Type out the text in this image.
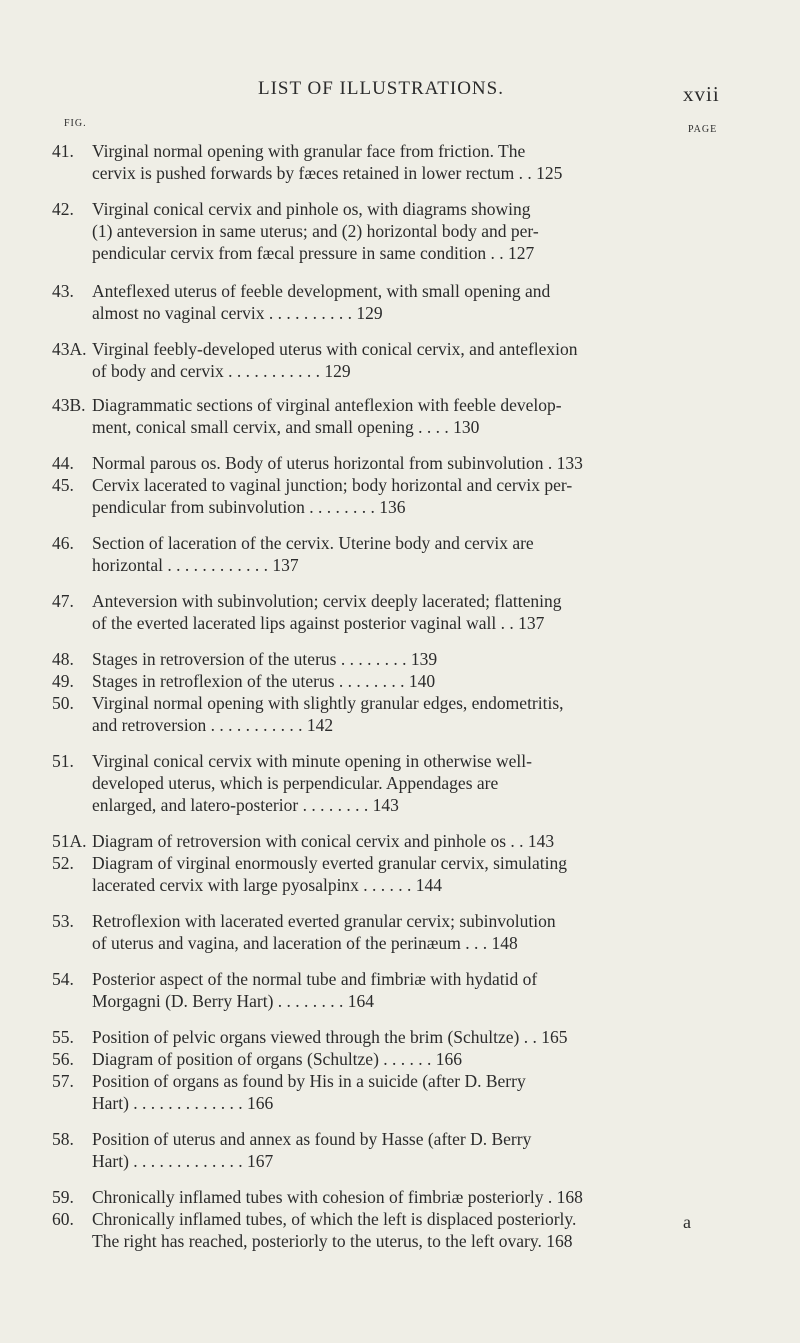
LIST OF ILLUSTRATIONS.	xvii
FIG.
PAGE
41. Virginal normal opening with granular face from friction. The
cervix is pushed forwards by fæces retained in lower rectum . . 125
42. Virginal conical cervix and pinhole os, with diagrams showing
(1) anteversion in same uterus; and (2) horizontal body and per-
pendicular cervix from fæcal pressure in same condition . . 127
43. Anteflexed uterus of feeble development, with small opening and
almost no vaginal cervix . . . . . . . . . . 129
43A. Virginal feebly-developed uterus with conical cervix, and anteflexion
of body and cervix . . . . . . . . . . . 129
43B. Diagrammatic sections of virginal anteflexion with feeble develop-
ment, conical small cervix, and small opening . . . . 130
44. Normal parous os. Body of uterus horizontal from subinvolution . 133
45. Cervix lacerated to vaginal junction; body horizontal and cervix per-
pendicular from subinvolution . . . . . . . . 136
46. Section of laceration of the cervix. Uterine body and cervix are
horizontal . . . . . . . . . . . . 137
47. Anteversion with subinvolution; cervix deeply lacerated; flattening
of the everted lacerated lips against posterior vaginal wall . . 137
48. Stages in retroversion of the uterus . . . . . . . . 139
49. Stages in retroflexion of the uterus . . . . . . . . 140
50. Virginal normal opening with slightly granular edges, endometritis,
and retroversion . . . . . . . . . . . 142
51. Virginal conical cervix with minute opening in otherwise well-
developed uterus, which is perpendicular. Appendages are
enlarged, and latero-posterior . . . . . . . . 143
51A. Diagram of retroversion with conical cervix and pinhole os . . 143
52. Diagram of virginal enormously everted granular cervix, simulating
lacerated cervix with large pyosalpinx . . . . . . 144
53. Retroflexion with lacerated everted granular cervix; subinvolution
of uterus and vagina, and laceration of the perinæum . . . 148
54. Posterior aspect of the normal tube and fimbriæ with hydatid of
Morgagni (D. Berry Hart) . . . . . . . . 164
55. Position of pelvic organs viewed through the brim (Schultze) . . 165
56. Diagram of position of organs (Schultze) . . . . . . 166
57. Position of organs as found by His in a suicide (after D. Berry
Hart) . . . . . . . . . . . . . 166
58. Position of uterus and annex as found by Hasse (after D. Berry
Hart) . . . . . . . . . . . . . 167
59. Chronically inflamed tubes with cohesion of fimbriæ posteriorly . 168
60. Chronically inflamed tubes, of which the left is displaced posteriorly.
The right has reached, posteriorly to the uterus, to the left ovary. 168
a
